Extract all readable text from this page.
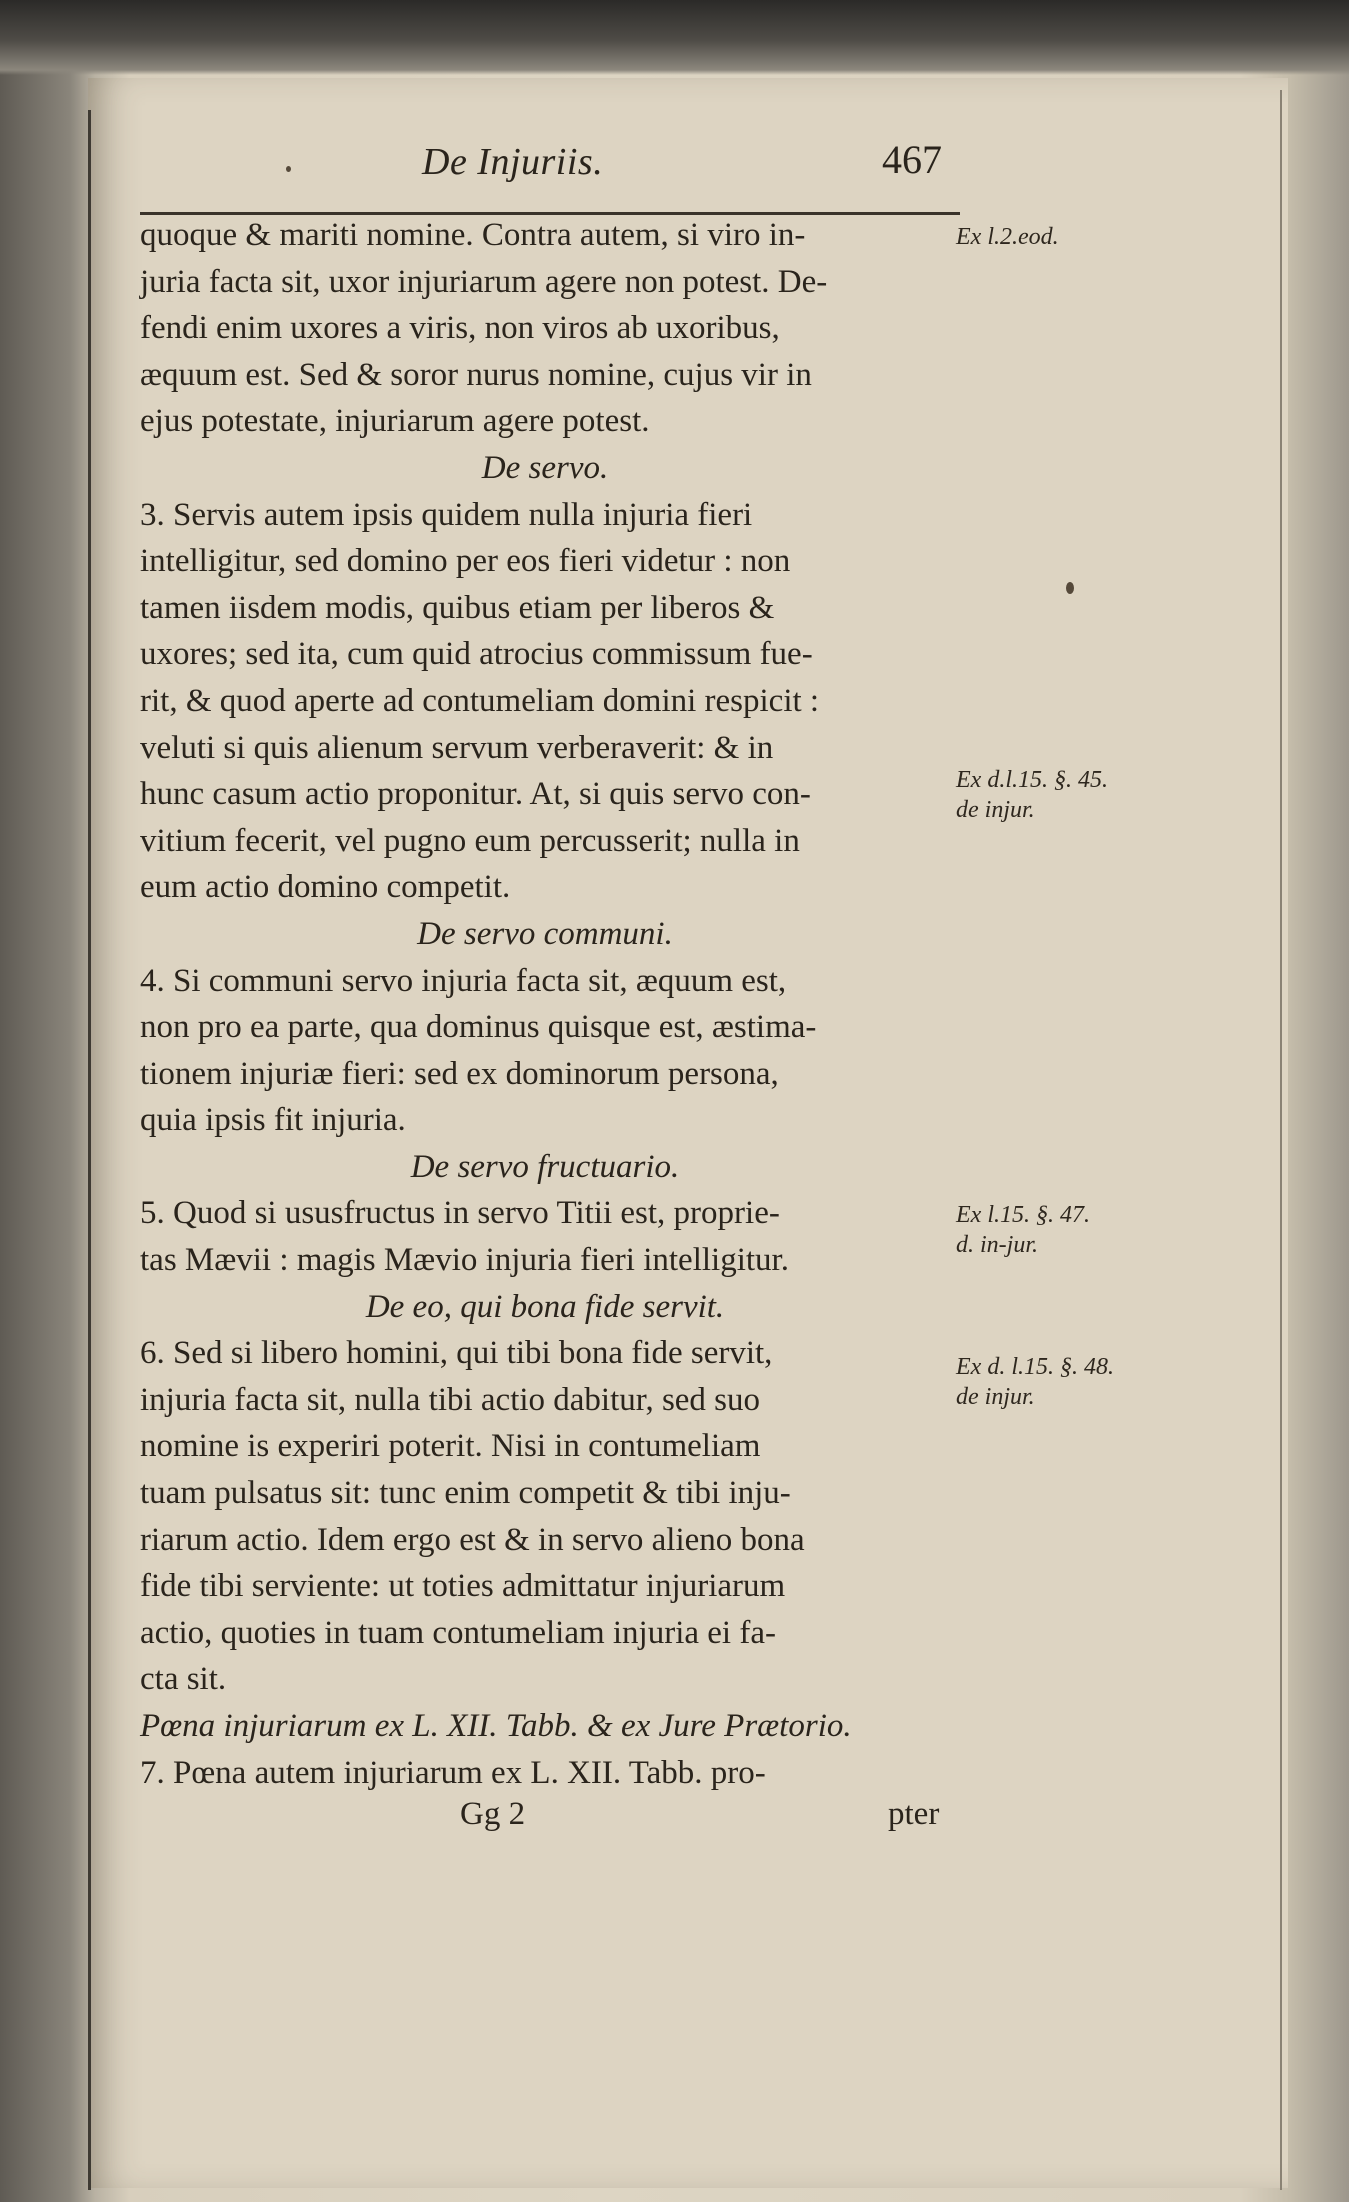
De Injuriis.	467

quoque & mariti nomine. Contra autem, si viro in-
juria facta sit, uxor injuriarum agere non potest. De-
fendi enim uxores a viris, non viros ab uxoribus,
æquum est. Sed & soror nurus nomine, cujus vir in
ejus potestate, injuriarum agere potest.

De servo.

3. Servis autem ipsis quidem nulla injuria fieri
intelligitur, sed domino per eos fieri videtur : non
tamen iisdem modis, quibus etiam per liberos &
uxores; sed ita, cum quid atrocius commissum fue-
rit, & quod aperte ad contumeliam domini respicit :
veluti si quis alienum servum verberaverit: & in
hunc casum actio proponitur. At, si quis servo con-
vitium fecerit, vel pugno eum percusserit; nulla in
eum actio domino competit.

De servo communi.

4. Si communi servo injuria facta sit, æquum est,
non pro ea parte, qua dominus quisque est, æstima-
tionem injuriæ fieri: sed ex dominorum persona,
quia ipsis fit injuria.

De servo fructuario.

5. Quod si ususfructus in servo Titii est, proprie-
tas Mævii : magis Mævio injuria fieri intelligitur.

De eo, qui bona fide servit.

6. Sed si libero homini, qui tibi bona fide servit,
injuria facta sit, nulla tibi actio dabitur, sed suo
nomine is experiri poterit. Nisi in contumeliam
tuam pulsatus sit: tunc enim competit & tibi inju-
riarum actio. Idem ergo est & in servo alieno bona
fide tibi serviente: ut toties admittatur injuriarum
actio, quoties in tuam contumeliam injuria ei fa-
cta sit.

Pœna injuriarum ex L. XII. Tabb. & ex Jure Prætorio.

7. Pœna autem injuriarum ex L. XII. Tabb. pro-

Ex l.2.eod.
Ex d.l.15. §. 45. de injur.
Ex l.15. §. 47. d. in-jur.
Ex d. l.15. §. 48. de injur.
Gg 2	pter
